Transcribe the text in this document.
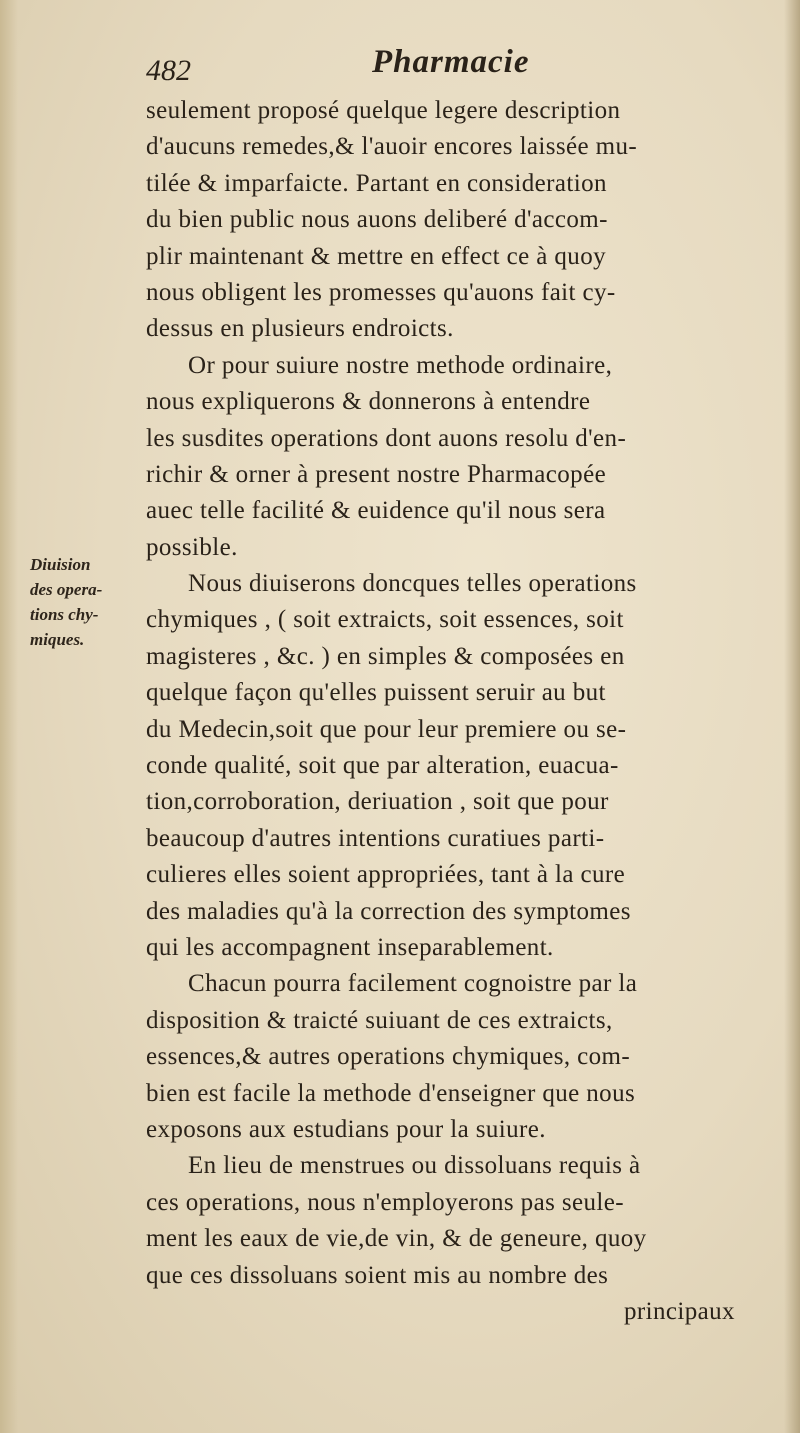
482	Pharmacie
Diuision
des opera-
tions chy-
miques.
seulement proposé quelque legere description
d'aucuns remedes,& l'auoir encores laissée mu-
tilée & imparfaicte. Partant en consideration
du bien public nous auons deliberé d'accom-
plir maintenant & mettre en effect ce à quoy
nous obligent les promesses qu'auons fait cy-
dessus en plusieurs endroicts.
Or pour suiure nostre methode ordinaire,
nous expliquerons & donnerons à entendre
les susdites operations dont auons resolu d'en-
richir & orner à present nostre Pharmacopée
auec telle facilité & euidence qu'il nous sera
possible.
Nous diuiserons doncques telles operations
chymiques , ( soit extraicts, soit essences, soit
magisteres , &c. ) en simples & composées en
quelque façon qu'elles puissent seruir au but
du Medecin,soit que pour leur premiere ou se-
conde qualité, soit que par alteration, euacua-
tion,corroboration, deriuation , soit que pour
beaucoup d'autres intentions curatiues parti-
culieres elles soient appropriées, tant à la cure
des maladies qu'à la correction des symptomes
qui les accompagnent inseparablement.
Chacun pourra facilement cognoistre par la
disposition & traicté suiuant de ces extraicts,
essences,& autres operations chymiques, com-
bien est facile la methode d'enseigner que nous
exposons aux estudians pour la suiure.
En lieu de menstrues ou dissoluans requis à
ces operations, nous n'employerons pas seule-
ment les eaux de vie,de vin, & de geneure, quoy
que ces dissoluans soient mis au nombre des
principaux
